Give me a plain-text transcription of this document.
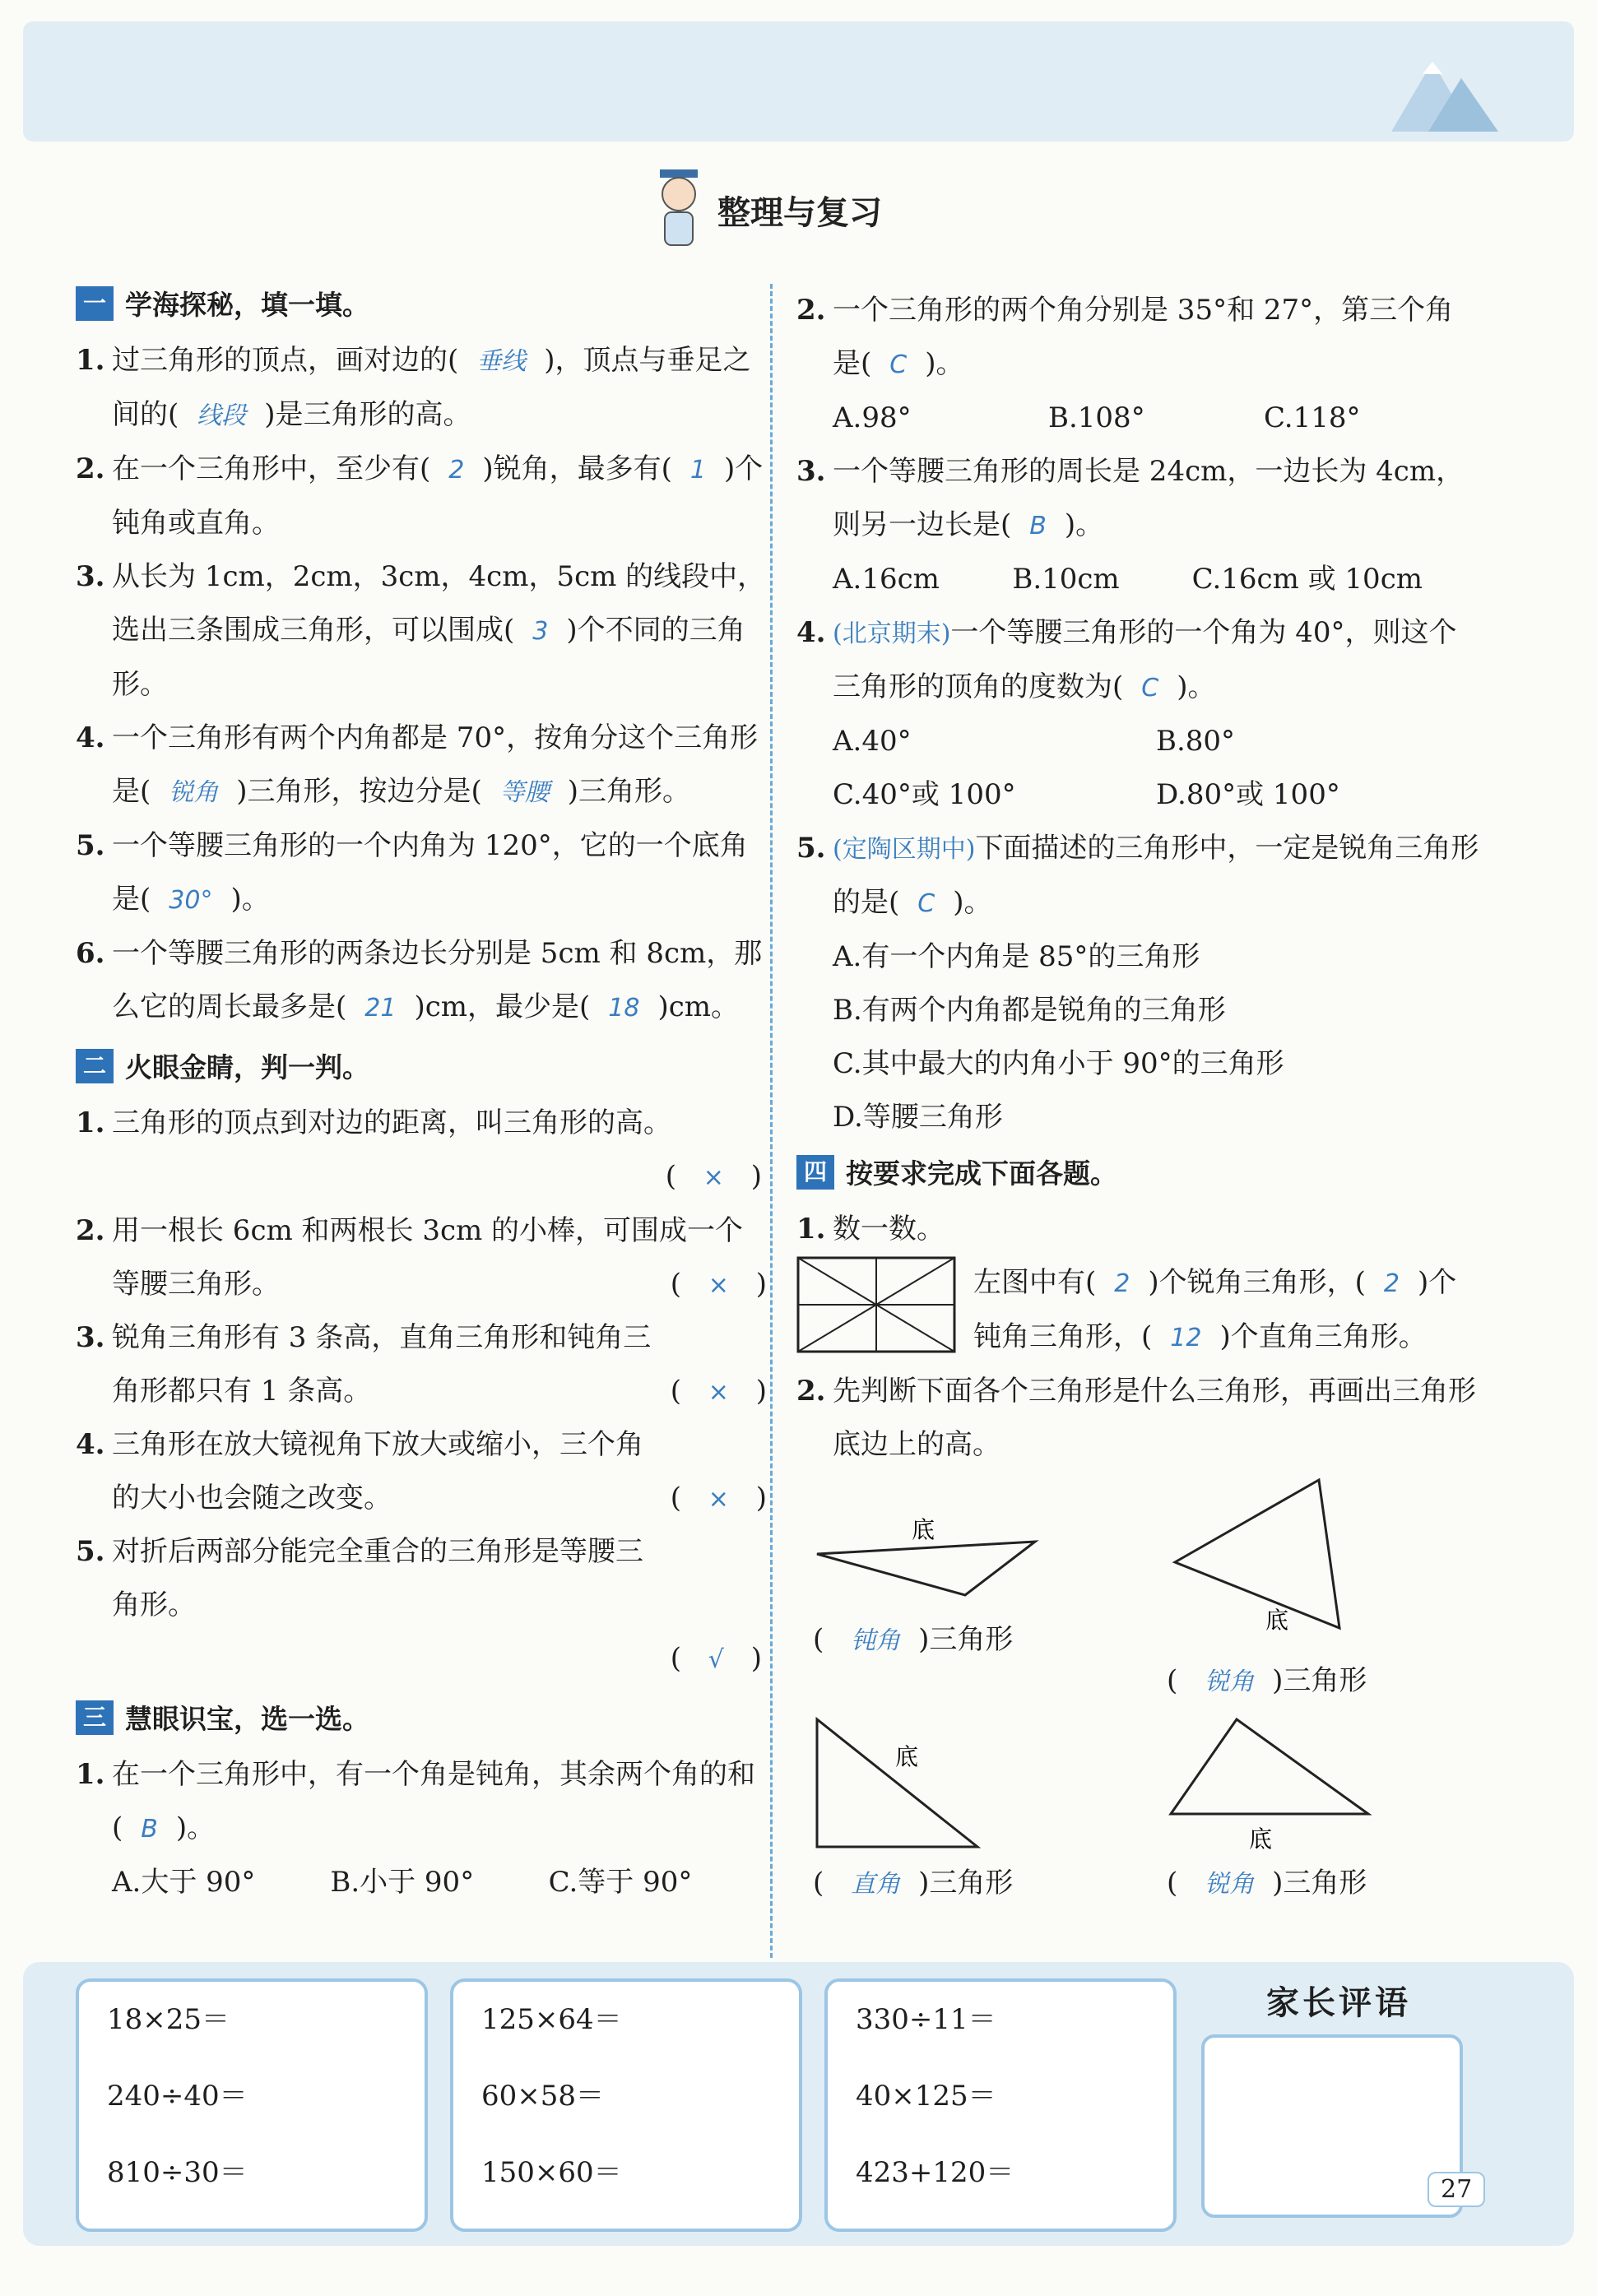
整理与复习
一 学海探秘，填一填。
1. 过三角形的顶点，画对边的( 垂线 )，顶点与垂足之间的( 线段 )是三角形的高。
2. 在一个三角形中，至少有( 2 )锐角，最多有( 1 )个钝角或直角。
3. 从长为 1cm，2cm，3cm，4cm，5cm 的线段中，选出三条围成三角形，可以围成( 3 )个不同的三角形。
4. 一个三角形有两个内角都是 70°，按角分这个三角形是( 锐角 )三角形，按边分是( 等腰 )三角形。
5. 一个等腰三角形的一个内角为 120°，它的一个底角是( 30° )。
6. 一个等腰三角形的两条边长分别是 5cm 和 8cm，那么它的周长最多是( 21 )cm，最少是( 18 )cm。
二 火眼金睛，判一判。
1. 三角形的顶点到对边的距离，叫三角形的高。
( × )
2. 用一根长 6cm 和两根长 3cm 的小棒，可围成一个等腰三角形。	( × )
3. 锐角三角形有 3 条高，直角三角形和钝角三角形都只有 1 条高。	( × )
4. 三角形在放大镜视角下放大或缩小，三个角的大小也会随之改变。	( × )
5. 对折后两部分能完全重合的三角形是等腰三角形。
( √ )
三 慧眼识宝，选一选。
1. 在一个三角形中，有一个角是钝角，其余两个角的和( B )。
A.大于 90°	B.小于 90°	C.等于 90°
2. 一个三角形的两个角分别是 35°和 27°，第三个角是( C )。
A.98°	B.108°	C.118°
3. 一个等腰三角形的周长是 24cm，一边长为 4cm，则另一边长是( B )。
A.16cm	B.10cm	C.16cm 或 10cm
4. (北京期末)一个等腰三角形的一个角为 40°，则这个三角形的顶角的度数为( C )。
A.40°	B.80°
C.40°或 100°	D.80°或 100°
5. (定陶区期中)下面描述的三角形中，一定是锐角三角形的是( C )。
A.有一个内角是 85°的三角形
B.有两个内角都是锐角的三角形
C.其中最大的内角小于 90°的三角形
D.等腰三角形
四 按要求完成下面各题。
1. 数一数。
左图中有( 2 )个锐角三角形，( 2 )个钝角三角形，( 12 )个直角三角形。
2. 先判断下面各个三角形是什么三角形，再画出三角形底边上的高。
底
( 钝角 )三角形
底
( 锐角 )三角形
底
( 直角 )三角形
底
( 锐角 )三角形
18×25＝
240÷40＝
810÷30＝
125×64＝
60×58＝
150×60＝
330÷11＝
40×125＝
423+120＝
家长评语
27
